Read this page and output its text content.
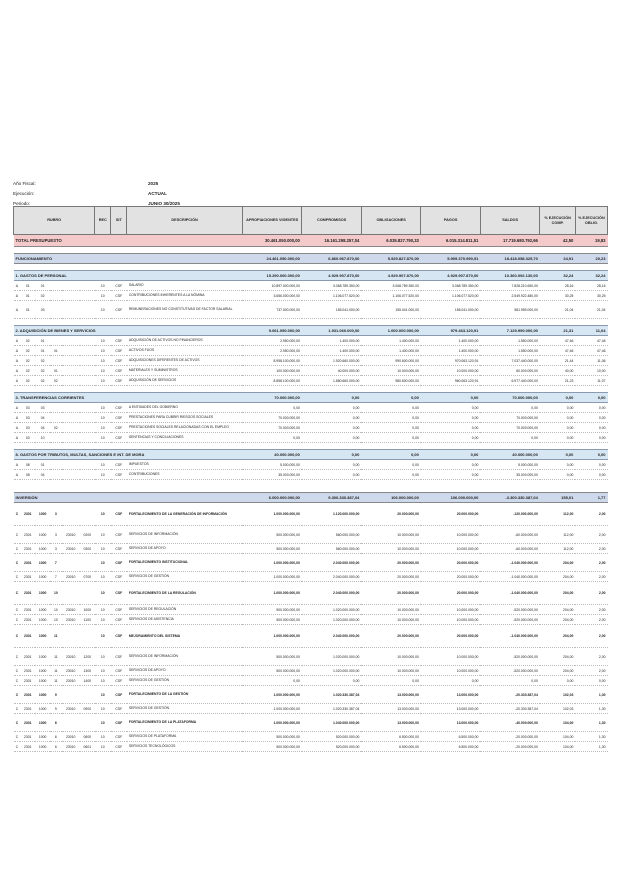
Año Fiscal:	2025
Ejecución:	ACTUAL
Periodo:	JUNIO 30/2025
RUBRO						REC	SIT	DESCRIPCIÓN	APROPIACIONES VIGENTES	COMPROMISOS	OBLIGACIONES	PAGOS	SALDOS	% EJECUCIÓN COMP.	% EJECUCIÓN OBLIG.
TOTAL PRESUPUESTO									30.461.050.000,00	16.161.298.257,04	6.035.827.790,33	6.015.314.811,51	17.719.680.792,66	42,50	19,83

FUNCIONAMIENTO									24.461.050.000,00	6.860.967.870,00	5.929.827.870,00	5.909.370.990,91	18.418.058.325,70	24,91	20,23

1. GASTOS DE PERSONAL									15.290.000.000,00	4.929.907.870,00	4.929.907.870,00	4.929.907.870,00	10.360.092.130,00	32,24	32,24
A	01	01				10	CSF	SALARIO	10.897.000.000,00	3.068.789.350,00	3.068.789.350,00	3.068.789.350,00	7.828.210.650,00	28,16	28,16
A	01	02				10	CSF	CONTRIBUCIONES INHERENTES A LA NÓMINA	3.656.000.000,00	1.106.077.520,00	1.106.077.520,00	1.106.077.520,00	2.549.922.480,00	30,25	30,25
A	01	03				10	CSF	REMUNERACIONES NO CONSTITUTIVAS DE FACTOR SALARIAL	737.000.000,00	155.041.000,00	155.041.000,00	155.041.000,00	581.959.000,00	21,04	21,04

2. ADQUISICIÓN DE BIENES Y SERVICIOS									9.061.050.000,00	1.931.060.000,00	1.000.000.000,00	979.463.120,91	7.129.990.000,00	21,31	11,04
A	02	01				10	CSF	ADQUISICIÓN DE ACTIVOS NO FINANCIEROS	2.950.000,00	1.400.000,00	1.400.000,00	1.400.000,00	1.550.000,00	47,46	47,46
A	02	01	01			10	CSF	ACTIVOS FIJOS	2.950.000,00	1.400.000,00	1.400.000,00	1.400.000,00	1.550.000,00	47,46	47,46
A	02	02				10	CSF	ADQUISICIONES DIFERENTES DE ACTIVOS	8.958.100.000,00	1.920.660.000,00	990.600.000,00	970.063.120,91	7.037.440.000,00	21,44	11,06
A	02	02	01			10	CSF	MATERIALES Y SUMINISTROS	100.000.000,00	40.000.000,00	10.000.000,00	10.000.000,00	60.000.000,00	40,00	10,00
A	02	02	02			10	CSF	ADQUISICIÓN DE SERVICIOS	8.858.100.000,00	1.880.660.000,00	980.600.000,00	960.063.120,91	6.977.440.000,00	21,23	11,07

3. TRANSFERENCIAS CORRIENTES									70.000.000,00	0,00	0,00	0,00	70.000.000,00	0,00	0,00
A	03	03				10	CSF	A ENTIDADES DEL GOBIERNO	0,00	0,00	0,00	0,00	0,00	0,00	0,00
A	03	04				10	CSF	PRESTACIONES PARA CUBRIR RIESGOS SOCIALES	70.000.000,00	0,00	0,00	0,00	70.000.000,00	0,00	0,00
A	03	04	02			10	CSF	PRESTACIONES SOCIALES RELACIONADAS CON EL EMPLEO	70.000.000,00	0,00	0,00	0,00	70.000.000,00	0,00	0,00
A	03	10				10	CSF	SENTENCIAS Y CONCILIACIONES	0,00	0,00	0,00	0,00	0,00	0,00	0,00

8. GASTOS POR TRIBUTOS, MULTAS, SANCIONES E INT. DE MORA									40.000.000,00	0,00	0,00	0,00	40.000.000,00	0,00	0,00
A	08	01				10	CSF	IMPUESTOS	5.000.000,00	0,00	0,00	0,00	5.000.000,00	0,00	0,00
A	08	04				10	CSF	CONTRIBUCIONES	35.000.000,00	0,00	0,00	0,00	35.000.000,00	0,00	0,00

INVERSIÓN									6.000.000.000,00	9.300.330.387,04	106.000.000,00	106.000.000,00	-3.300.330.387,04	155,01	1,77
C	2301	1000	3			10	CSF	FORTALECIMIENTO DE LA GENERACIÓN DE INFORMACIÓN	1.000.000.000,00	1.120.000.000,00	20.000.000,00	20.000.000,00	-120.000.000,00	112,00	2,00
C	2301	1000	3	23010	0200	10	CSF	SERVICIOS DE INFORMACIÓN	500.000.000,00	560.000.000,00	10.000.000,00	10.000.000,00	-60.000.000,00	112,00	2,00
C	2301	1000	3	23010	0300	10	CSF	SERVICIOS DE APOYO	500.000.000,00	560.000.000,00	10.000.000,00	10.000.000,00	-60.000.000,00	112,00	2,00
C	2301	1000	7			10	CSF	FORTALECIMIENTO INSTITUCIONAL	1.000.000.000,00	2.040.000.000,00	20.000.000,00	20.000.000,00	-1.040.000.000,00	204,00	2,00
C	2301	1000	7	23010	0700	10	CSF	SERVICIOS DE GESTIÓN	1.000.000.000,00	2.040.000.000,00	20.000.000,00	20.000.000,00	-1.040.000.000,00	204,00	2,00
C	2301	1000	10			10	CSF	FORTALECIMIENTO DE LA REGULACIÓN	1.000.000.000,00	2.040.000.000,00	20.000.000,00	20.000.000,00	-1.040.000.000,00	204,00	2,00
C	2301	1000	10	23010	1000	10	CSF	SERVICIOS DE REGULACIÓN	500.000.000,00	1.020.000.000,00	10.000.000,00	10.000.000,00	-520.000.000,00	204,00	2,00
C	2301	1000	10	23010	1100	10	CSF	SERVICIOS DE ASISTENCIA	500.000.000,00	1.020.000.000,00	10.000.000,00	10.000.000,00	-520.000.000,00	204,00	2,00
C	2301	1000	11			10	CSF	MEJORAMIENTO DEL SISTEMA	1.000.000.000,00	2.040.000.000,00	20.000.000,00	20.000.000,00	-1.040.000.000,00	204,00	2,00
C	2301	1000	11	23010	1200	10	CSF	SERVICIOS DE INFORMACIÓN	500.000.000,00	1.020.000.000,00	10.000.000,00	10.000.000,00	-520.000.000,00	204,00	2,00
C	2301	1000	11	23010	1300	10	CSF	SERVICIOS DE APOYO	500.000.000,00	1.020.000.000,00	10.000.000,00	10.000.000,00	-520.000.000,00	204,00	2,00
C	2301	1000	11	23010	1400	10	CSF	SERVICIOS DE GESTIÓN	0,00	0,00	0,00	0,00	0,00	0,00	0,00
C	2301	1000	9			10	CSF	FORTALECIMIENTO DE LA GESTIÓN	1.000.000.000,00	1.020.330.387,04	13.000.000,00	13.000.000,00	-20.330.387,04	102,03	1,30
C	2301	1000	9	23010	0900	10	CSF	SERVICIOS DE GESTIÓN	1.000.000.000,00	1.020.330.387,04	13.000.000,00	13.000.000,00	-20.330.387,04	102,03	1,30
C	2301	1000	6			10	CSF	FORTALECIMIENTO DE LA PLATAFORMA	1.000.000.000,00	1.040.000.000,00	13.000.000,00	13.000.000,00	-40.000.000,00	104,00	1,30
C	2301	1000	6	23010	0600	10	CSF	SERVICIOS DE PLATAFORMA	500.000.000,00	520.000.000,00	6.500.000,00	6.500.000,00	-20.000.000,00	104,00	1,30
C	2301	1000	6	23010	0601	10	CSF	SERVICIOS TECNOLÓGICOS	500.000.000,00	520.000.000,00	6.500.000,00	6.500.000,00	-20.000.000,00	104,00	1,30
